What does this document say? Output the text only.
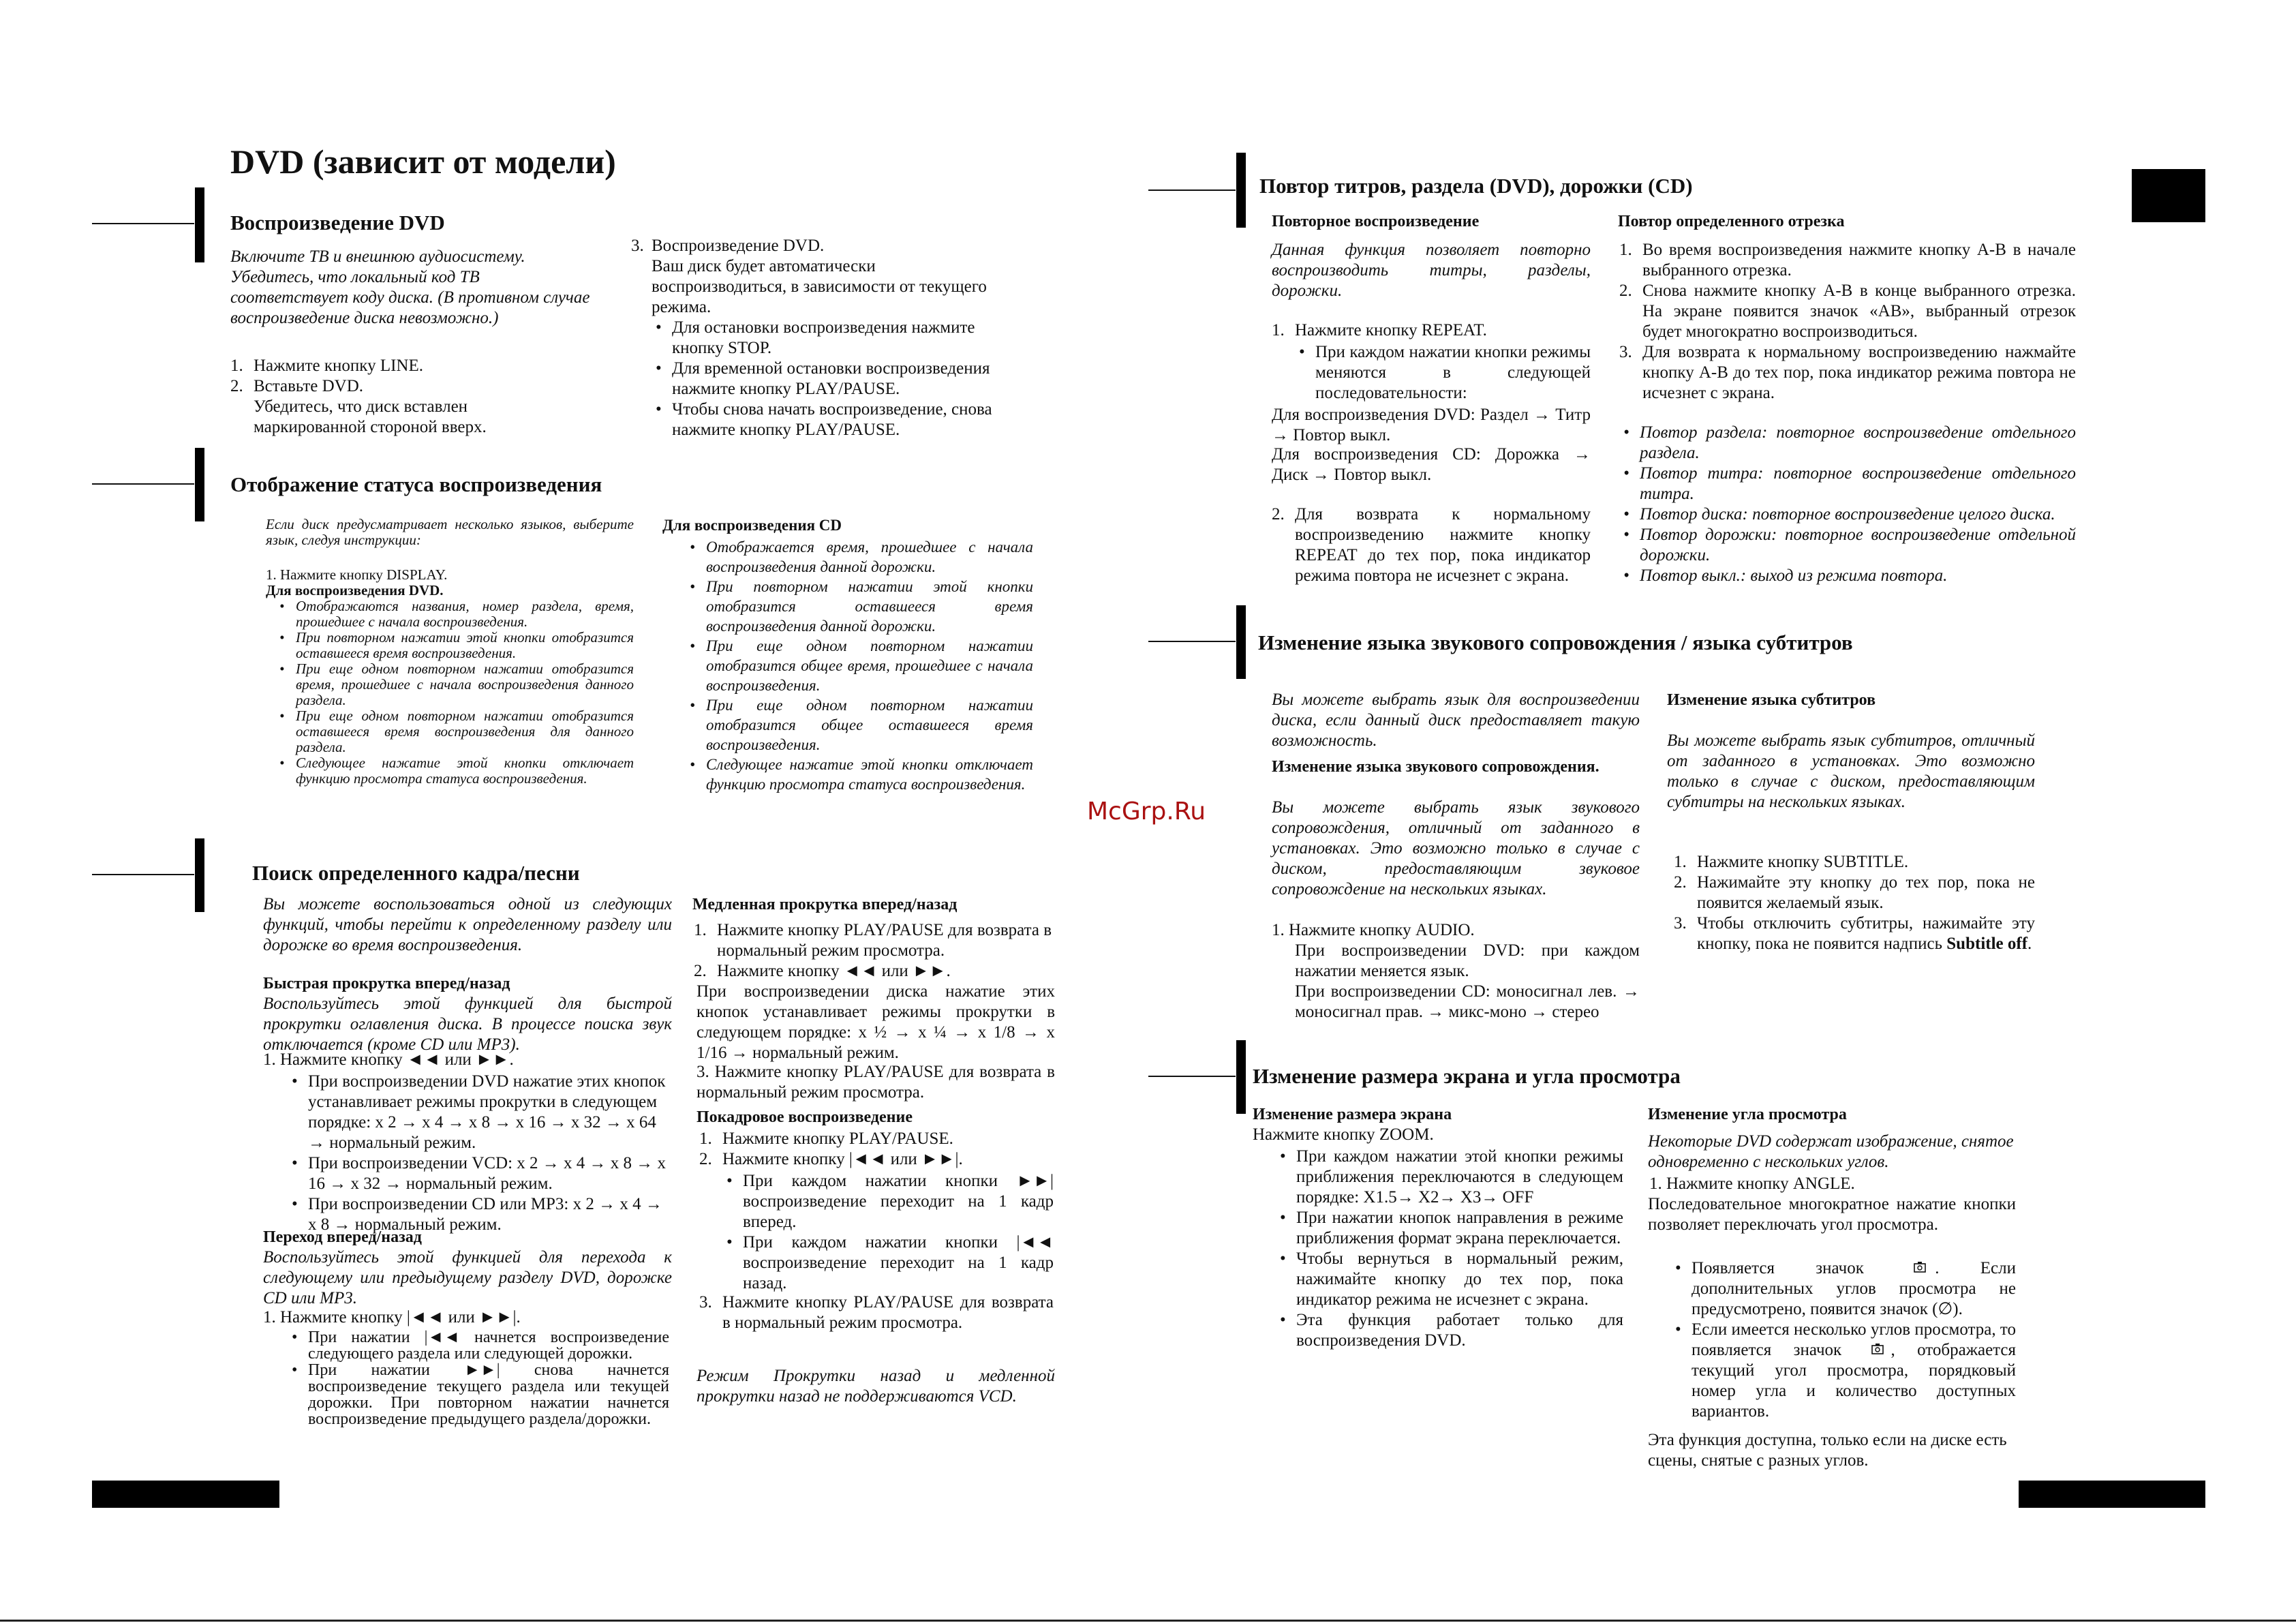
DVD (зависит от модели)
Воспроизведение DVD
Включите ТВ и внешнюю аудиосистему. Убедитесь, что локальный код ТВ соответствует коду диска. (В противном случае воспроизведение диска невозможно.)
1. Нажмите кнопку LINE.
2. Вставьте DVD.
Убедитесь, что диск вставлен маркированной стороной вверх.
3. Воспроизведение DVD.
Ваш диск будет автоматически воспроизводиться, в зависимости от текущего режима.
• Для остановки воспроизведения нажмите кнопку STOP.
• Для временной остановки воспроизведения нажмите кнопку PLAY/PAUSE.
• Чтобы снова начать воспроизведение, снова нажмите кнопку PLAY/PAUSE.
Отображение статуса воспроизведения
Если диск предусматривает несколько языков, выберите язык, следуя инструкции:
1. Нажмите кнопку DISPLAY.
Для воспроизведения DVD.
• Отображаются названия, номер раздела, время, прошедшее с начала воспроизведения.
• При повторном нажатии этой кнопки отобразится оставшееся время воспроизведения.
• При еще одном повторном нажатии отобразится время, прошедшее с начала воспроизведения данного раздела.
• При еще одном повторном нажатии отобразится оставшееся время воспроизведения для данного раздела.
• Следующее нажатие этой кнопки отключает функцию просмотра статуса воспроизведения.
Для воспроизведения CD
• Отображается время, прошедшее с начала воспроизведения данной дорожки.
• При повторном нажатии этой кнопки отобразится оставшееся время воспроизведения данной дорожки.
• При еще одном повторном нажатии отобразится общее время, прошедшее с начала воспроизведения.
• При еще одном повторном нажатии отобразится общее оставшееся время воспроизведения.
• Следующее нажатие этой кнопки отключает функцию просмотра статуса воспроизведения.
Поиск определенного кадра/песни
Вы можете воспользоваться одной из следующих функций, чтобы перейти к определенному разделу или дорожке во время воспроизведения.
Быстрая прокрутка вперед/назад
Воспользуйтесь этой функцией для быстрой прокрутки оглавления диска. В процессе поиска звук отключается (кроме CD или MP3).
1. Нажмите кнопку ◄◄ или ►►.
• При воспроизведении DVD нажатие этих кнопок устанавливает режимы прокрутки в следующем порядке: x 2 → x 4 → x 8 → x 16 → x 32 → x 64 → нормальный режим.
• При воспроизведении VCD: x 2 → x 4 → x 8 → x 16 → x 32 → нормальный режим.
• При воспроизведении CD или MP3: x 2 → x 4 → x 8 → нормальный режим.
Переход вперед/назад
Воспользуйтесь этой функцией для перехода к следующему или предыдущему разделу DVD, дорожке CD или MP3.
1. Нажмите кнопку |◄◄ или ►►|.
• При нажатии |◄◄ начнется воспроизведение следующего раздела или следующей дорожки.
• При нажатии ►►| снова начнется воспроизведение текущего раздела или текущей дорожки. При повторном нажатии начнется воспроизведение предыдущего раздела/дорожки.
Медленная прокрутка вперед/назад
1. Нажмите кнопку PLAY/PAUSE для возврата в нормальный режим просмотра.
2. Нажмите кнопку ◄◄ или ►►.
При воспроизведении диска нажатие этих кнопок устанавливает режимы прокрутки в следующем порядке: x ½ → x ¼ → x 1/8 → x 1/16 → нормальный режим.
3. Нажмите кнопку PLAY/PAUSE для возврата в нормальный режим просмотра.
Покадровое воспроизведение
1. Нажмите кнопку PLAY/PAUSE.
2. Нажмите кнопку |◄◄ или ►►|.
• При каждом нажатии кнопки ►►| воспроизведение переходит на 1 кадр вперед.
• При каждом нажатии кнопки |◄◄ воспроизведение переходит на 1 кадр назад.
3. Нажмите кнопку PLAY/PAUSE для возврата в нормальный режим просмотра.
Режим Прокрутки назад и медленной прокрутки назад не поддерживаются VCD.
McGrp.Ru
Повтор титров, раздела (DVD), дорожки (CD)
Повторное воспроизведение
Данная функция позволяет повторно воспроизводить титры, разделы, дорожки.
1. Нажмите кнопку REPEAT.
• При каждом нажатии кнопки режимы меняются в следующей последовательности:
Для воспроизведения DVD: Раздел → Титр → Повтор выкл.
Для воспроизведения CD: Дорожка → Диск → Повтор выкл.
2. Для возврата к нормальному воспроизведению нажмите кнопку REPEAT до тех пор, пока индикатор режима повтора не исчезнет с экрана.
Повтор определенного отрезка
1. Во время воспроизведения нажмите кнопку A-B в начале выбранного отрезка.
2. Снова нажмите кнопку A-B в конце выбранного отрезка. На экране появится значок «AB», выбранный отрезок будет многократно воспроизводиться.
3. Для возврата к нормальному воспроизведению нажмайте кнопку A-B до тех пор, пока индикатор режима повтора не исчезнет с экрана.
• Повтор раздела: повторное воспроизведение отдельного раздела.
• Повтор титра: повторное воспроизведение отдельного титра.
• Повтор диска: повторное воспроизведение целого диска.
• Повтор дорожки: повторное воспроизведение отдельной дорожки.
• Повтор выкл.: выход из режима повтора.
Изменение языка звукового сопровождения / языка субтитров
Вы можете выбрать язык для воспроизведении диска, если данный диск предоставляет такую возможность.
Изменение языка звукового сопровождения.
Вы можете выбрать язык звукового сопровождения, отличный от заданного в установках. Это возможно только в случае с диском, предоставляющим звуковое сопровождение на нескольких языках.
1. Нажмите кнопку AUDIO.
При воспроизведении DVD: при каждом нажатии меняется язык.
При воспроизведении CD: моносигнал лев. → моносигнал прав. → микс-моно → стерео
Изменение языка субтитров
Вы можете выбрать язык субтитров, отличный от заданного в установках. Это возможно только в случае с диском, предоставляющим субтитры на нескольких языках.
1. Нажмите кнопку SUBTITLE.
2. Нажимайте эту кнопку до тех пор, пока не появится желаемый язык.
3. Чтобы отключить субтитры, нажимайте эту кнопку, пока не появится надпись Subtitle off.
Изменение размера экрана и угла просмотра
Изменение размера экрана
Нажмите кнопку ZOOM.
• При каждом нажатии этой кнопки режимы приближения переключаются в следующем порядке: X1.5→ X2→ X3→ OFF
• При нажатии кнопок направления в режиме приближения формат экрана переключается.
• Чтобы вернуться в нормальный режим, нажимайте кнопку до тех пор, пока индикатор режима не исчезнет с экрана.
• Эта функция работает только для воспроизведения DVD.
Изменение угла просмотра
Некоторые DVD содержат изображение, снятое одновременно с нескольких углов.
1. Нажмите кнопку ANGLE.
Последовательное многократное нажатие кнопки позволяет переключать угол просмотра.
• Появляется значок	. Если дополнительных углов просмотра не предусмотрено, появится значок (∅).
• Если имеется несколько углов просмотра, то появляется значок	, отображается текущий угол просмотра, порядковый номер угла и количество доступных вариантов.
Эта функция доступна, только если на диске есть сцены, снятые с разных углов.
